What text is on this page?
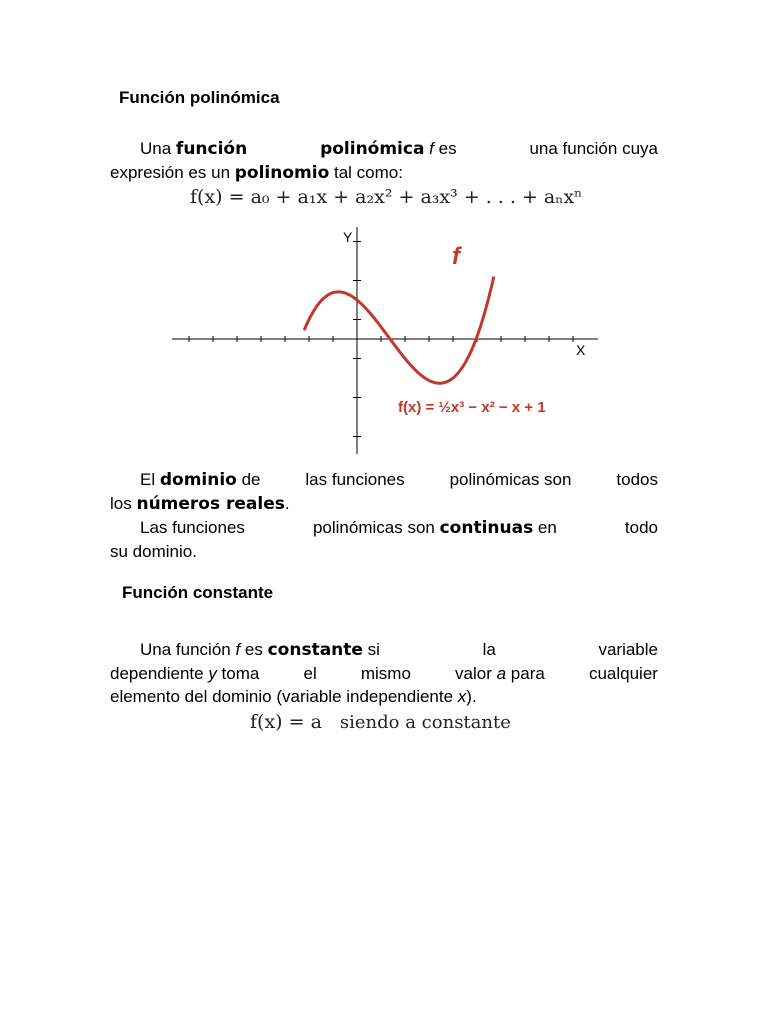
Función polinómica
Una función	polinómica f es	una función cuya
expresión es un polinomio tal como:
f(x) = a₀ + a₁x + a₂x² + a₃x³ + . . . + aₙxⁿ
Y
X
f
f(x) = ½x³ − x² − x + 1
El dominio de	las funciones	polinómicas son	todos
los números reales.
Las funciones	polinómicas son continuas en	todo
su dominio.
Función constante
Una función f es constante si	la	variable
dependiente y toma	el	mismo	valor a para	cualquier
elemento del dominio (variable independiente x).
f(x) = a siendo a constante
